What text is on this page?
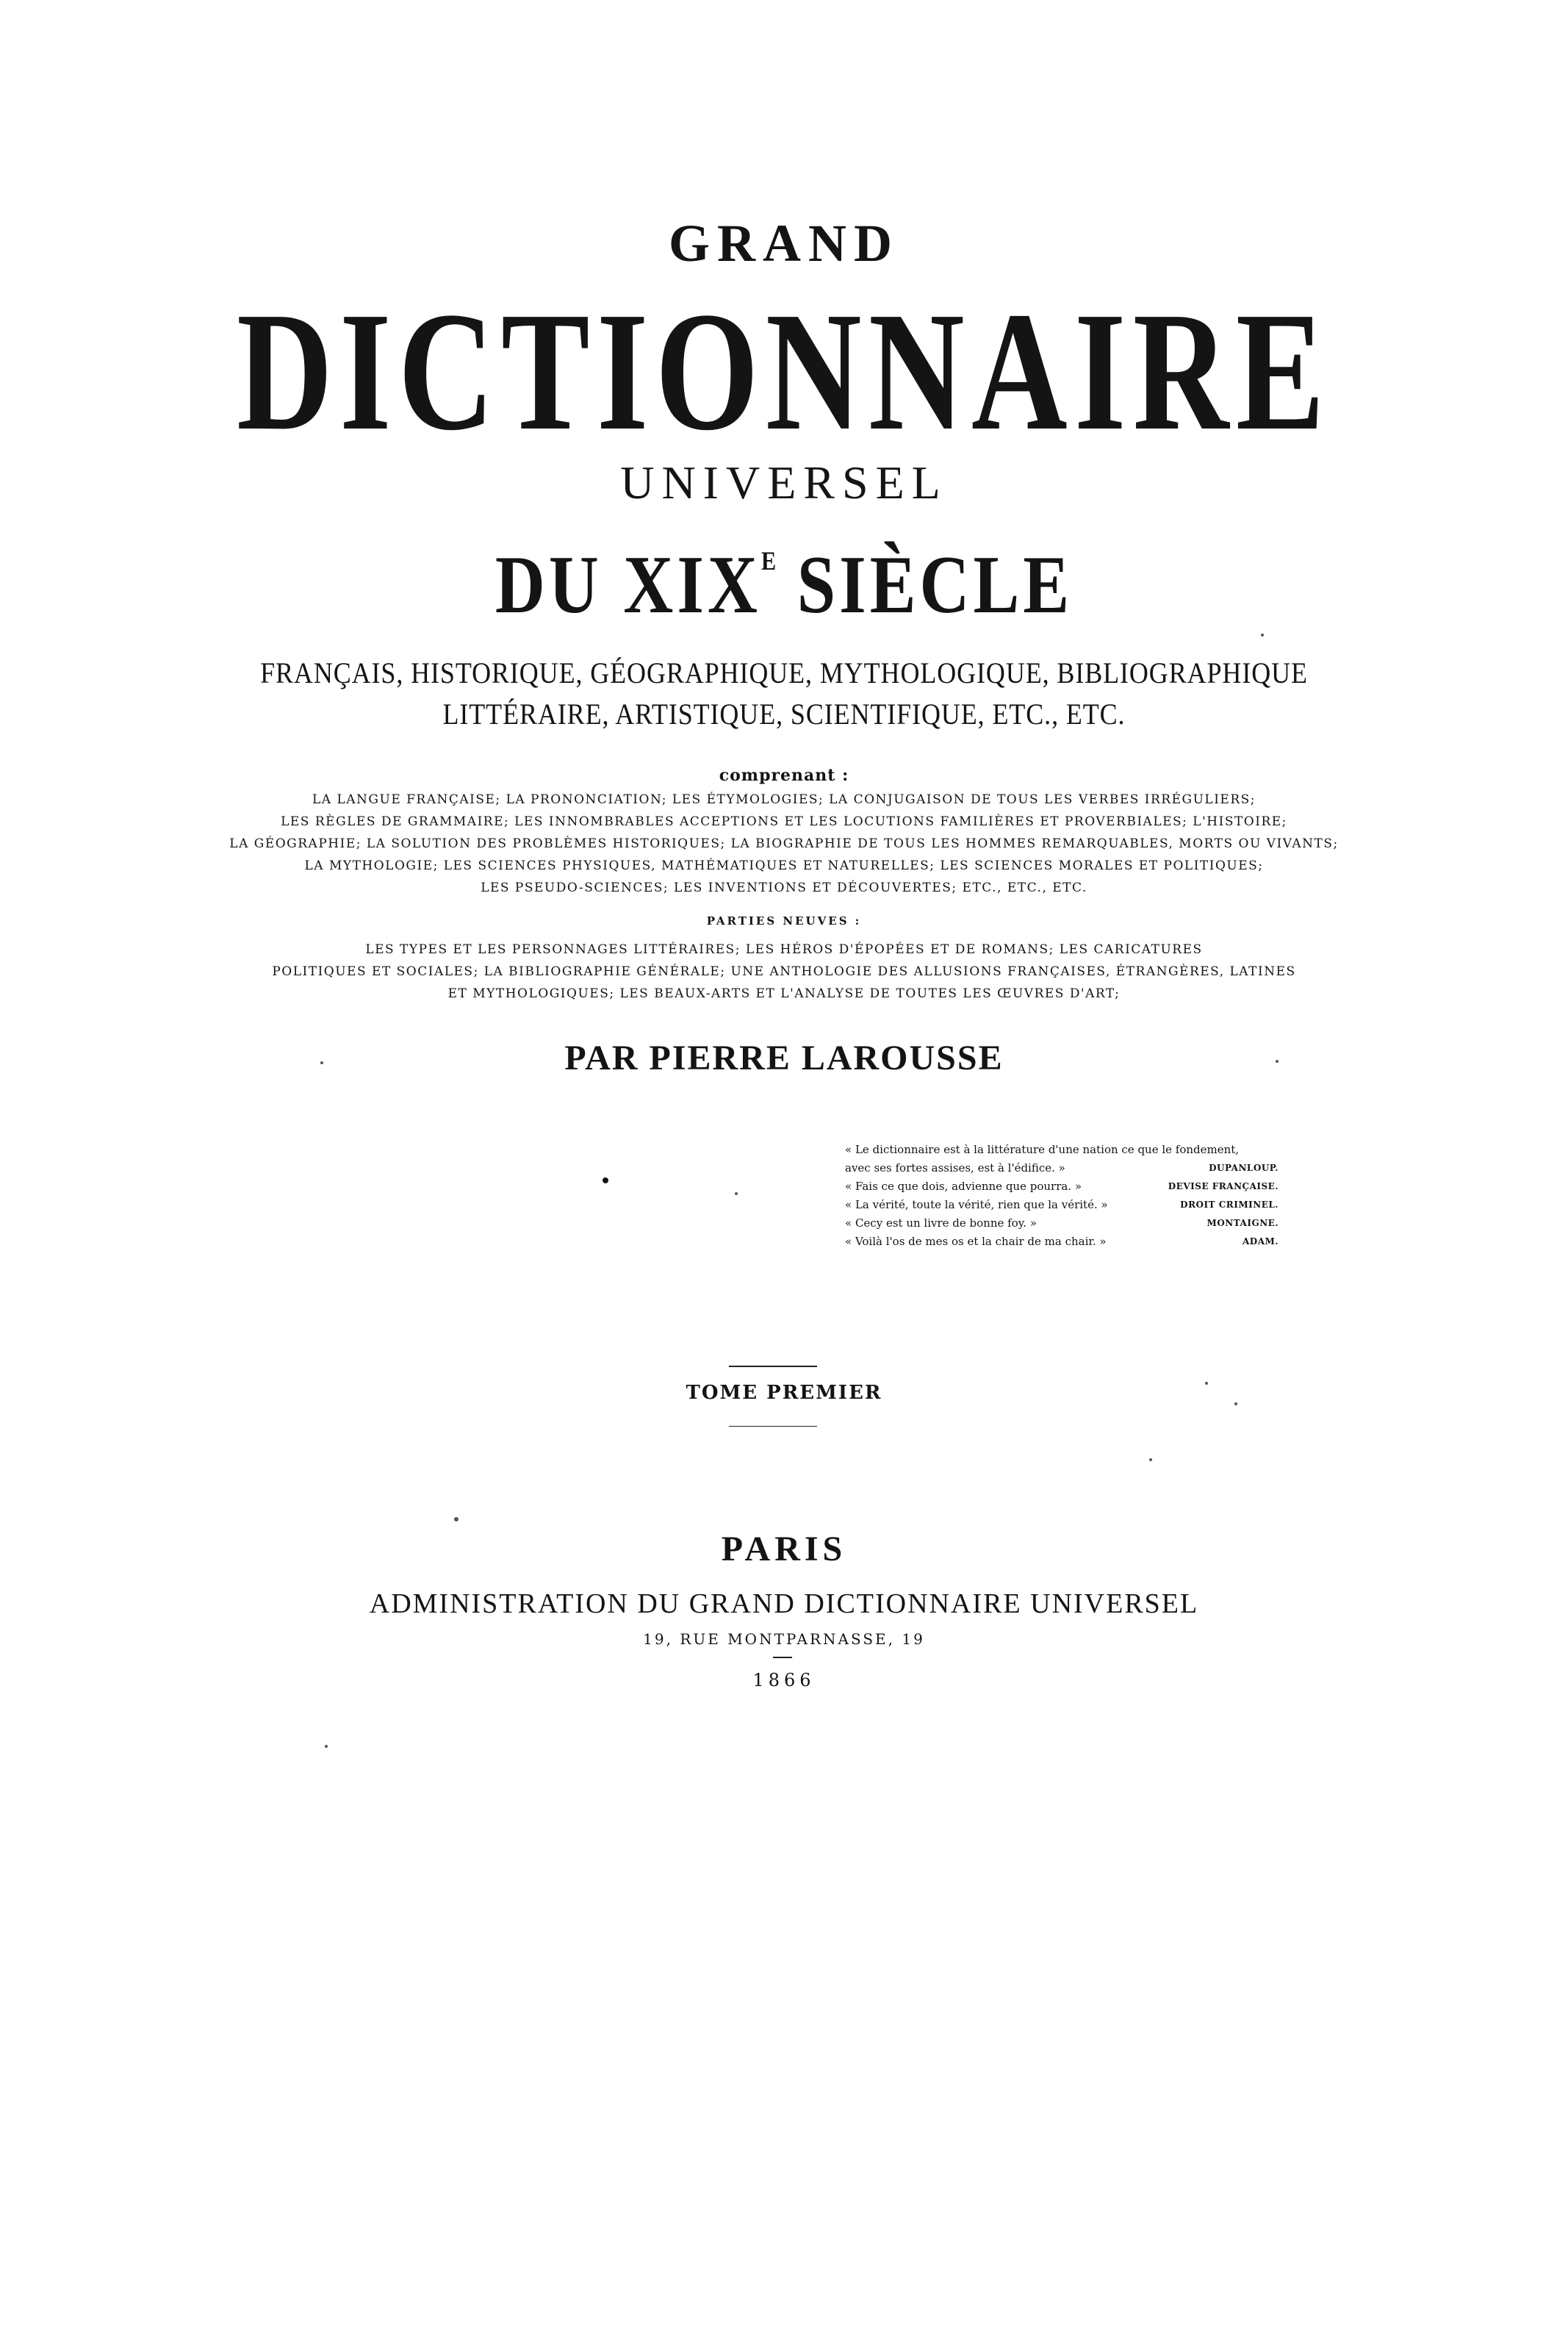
GRAND
DICTIONNAIRE
UNIVERSEL
DU $XIX^E$ SIÈCLE
FRANÇAIS, HISTORIQUE, GÉOGRAPHIQUE, MYTHOLOGIQUE, BIBLIOGRAPHIQUE
LITTÉRAIRE, ARTISTIQUE, SCIENTIFIQUE, ETC., ETC.
comprenant :
LA LANGUE FRANÇAISE; LA PRONONCIATION; LES ÉTYMOLOGIES; LA CONJUGAISON DE TOUS LES VERBES IRRÉGULIERS;
LES RÈGLES DE GRAMMAIRE; LES INNOMBRABLES ACCEPTIONS ET LES LOCUTIONS FAMILIÈRES ET PROVERBIALES; L'HISTOIRE;
LA GÉOGRAPHIE; LA SOLUTION DES PROBLÈMES HISTORIQUES; LA BIOGRAPHIE DE TOUS LES HOMMES REMARQUABLES, MORTS OU VIVANTS;
LA MYTHOLOGIE; LES SCIENCES PHYSIQUES, MATHÉMATIQUES ET NATURELLES; LES SCIENCES MORALES ET POLITIQUES;
LES PSEUDO-SCIENCES; LES INVENTIONS ET DÉCOUVERTES; ETC., ETC., ETC.
PARTIES NEUVES :
LES TYPES ET LES PERSONNAGES LITTÉRAIRES; LES HÉROS D'ÉPOPÉES ET DE ROMANS; LES CARICATURES
POLITIQUES ET SOCIALES; LA BIBLIOGRAPHIE GÉNÉRALE; UNE ANTHOLOGIE DES ALLUSIONS FRANÇAISES, ÉTRANGÈRES, LATINES
ET MYTHOLOGIQUES; LES BEAUX-ARTS ET L'ANALYSE DE TOUTES LES ŒUVRES D'ART;
PAR PIERRE LAROUSSE
« Le dictionnaire est à la littérature d'une nation ce que le fondement,
avec ses fortes assises, est à l'édifice. »	DUPANLOUP.
« Fais ce que dois, advienne que pourra. »	DEVISE FRANÇAISE.
« La vérité, toute la vérité, rien que la vérité. »	DROIT CRIMINEL.
« Cecy est un livre de bonne foy. »	MONTAIGNE.
« Voilà l'os de mes os et la chair de ma chair. »	ADAM.
TOME PREMIER
PARIS
ADMINISTRATION DU GRAND DICTIONNAIRE UNIVERSEL
19, RUE MONTPARNASSE, 19
1866
